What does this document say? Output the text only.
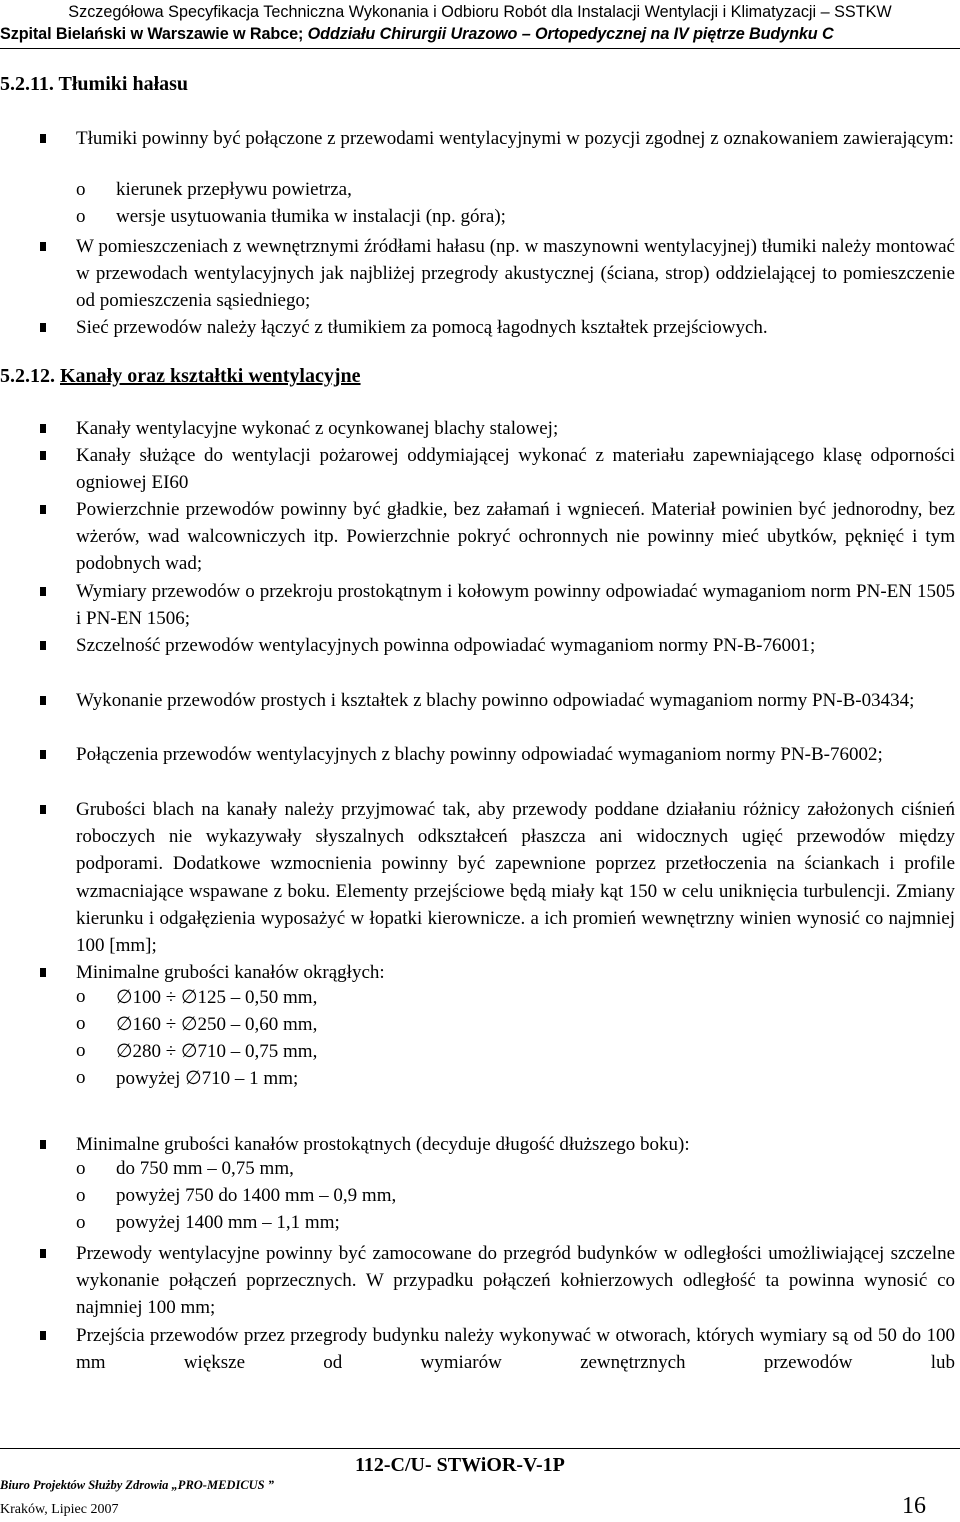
Szczegółowa Specyfikacja Techniczna Wykonania i Odbioru Robót dla Instalacji Wentylacji i Klimatyzacji – SSTKW
Szpital Bielański w Warszawie w Rabce; Oddziału Chirurgii Urazowo – Ortopedycznej na IV piętrze Budynku C
5.2.11. Tłumiki hałasu
Tłumiki powinny być połączone z przewodami wentylacyjnymi w pozycji zgodnej z oznakowaniem zawierającym:
o kierunek przepływu powietrza,
o wersje usytuowania tłumika w instalacji (np. góra);
W pomieszczeniach z wewnętrznymi źródłami hałasu (np. w maszynowni wentylacyjnej) tłumiki należy montować w przewodach wentylacyjnych jak najbliżej przegrody akustycznej (ściana, strop) oddzielającej to pomieszczenie od pomieszczenia sąsiedniego;
Sieć przewodów należy łączyć z tłumikiem za pomocą łagodnych kształtek przejściowych.
5.2.12. Kanały oraz kształtki wentylacyjne
Kanały wentylacyjne wykonać z ocynkowanej blachy stalowej;
Kanały służące do wentylacji pożarowej oddymiającej wykonać z materiału zapewniającego klasę odporności ogniowej EI60
Powierzchnie przewodów powinny być gładkie, bez załamań i wgnieceń. Materiał powinien być jednorodny, bez wżerów, wad walcowniczych itp. Powierzchnie pokryć ochronnych nie powinny mieć ubytków, pęknięć i tym podobnych wad;
Wymiary przewodów o przekroju prostokątnym i kołowym powinny odpowiadać wymaganiom norm PN-EN 1505 i PN-EN 1506;
Szczelność przewodów wentylacyjnych powinna odpowiadać wymaganiom normy PN-B-76001;
Wykonanie przewodów prostych i kształtek z blachy powinno odpowiadać wymaganiom normy PN-B-03434;
Połączenia przewodów wentylacyjnych z blachy powinny odpowiadać wymaganiom normy PN-B-76002;
Grubości blach na kanały należy przyjmować tak, aby przewody poddane działaniu różnicy założonych ciśnień roboczych nie wykazywały słyszalnych odkształceń płaszcza ani widocznych ugięć przewodów między podporami. Dodatkowe wzmocnienia powinny być zapewnione poprzez przetłoczenia na ściankach i profile wzmacniające wspawane z boku. Elementy przejściowe będą miały kąt 150 w celu uniknięcia turbulencji. Zmiany kierunku i odgałęzienia wyposażyć w łopatki kierownicze. a ich promień wewnętrzny winien wynosić co najmniej 100 [mm];
Minimalne grubości kanałów okrągłych:
o ∅100 ÷ ∅125 – 0,50 mm,
o ∅160 ÷ ∅250 – 0,60 mm,
o ∅280 ÷ ∅710 – 0,75 mm,
o powyżej ∅710 – 1 mm;
Minimalne grubości kanałów prostokątnych (decyduje długość dłuższego boku):
o do 750 mm – 0,75 mm,
o powyżej 750 do 1400 mm – 0,9 mm,
o powyżej 1400 mm – 1,1 mm;
Przewody wentylacyjne powinny być zamocowane do przegród budynków w odległości umożliwiającej szczelne wykonanie połączeń poprzecznych. W przypadku połączeń kołnierzowych odległość ta powinna wynosić co najmniej 100 mm;
Przejścia przewodów przez przegrody budynku należy wykonywać w otworach, których wymiary są od 50 do 100 mm większe od wymiarów zewnętrznych przewodów lub
Biuro Projektów Służby Zdrowia „PRO-MEDICUS ”
112-C/U- STWiOR-V-1P
Kraków, Lipiec 2007	16
